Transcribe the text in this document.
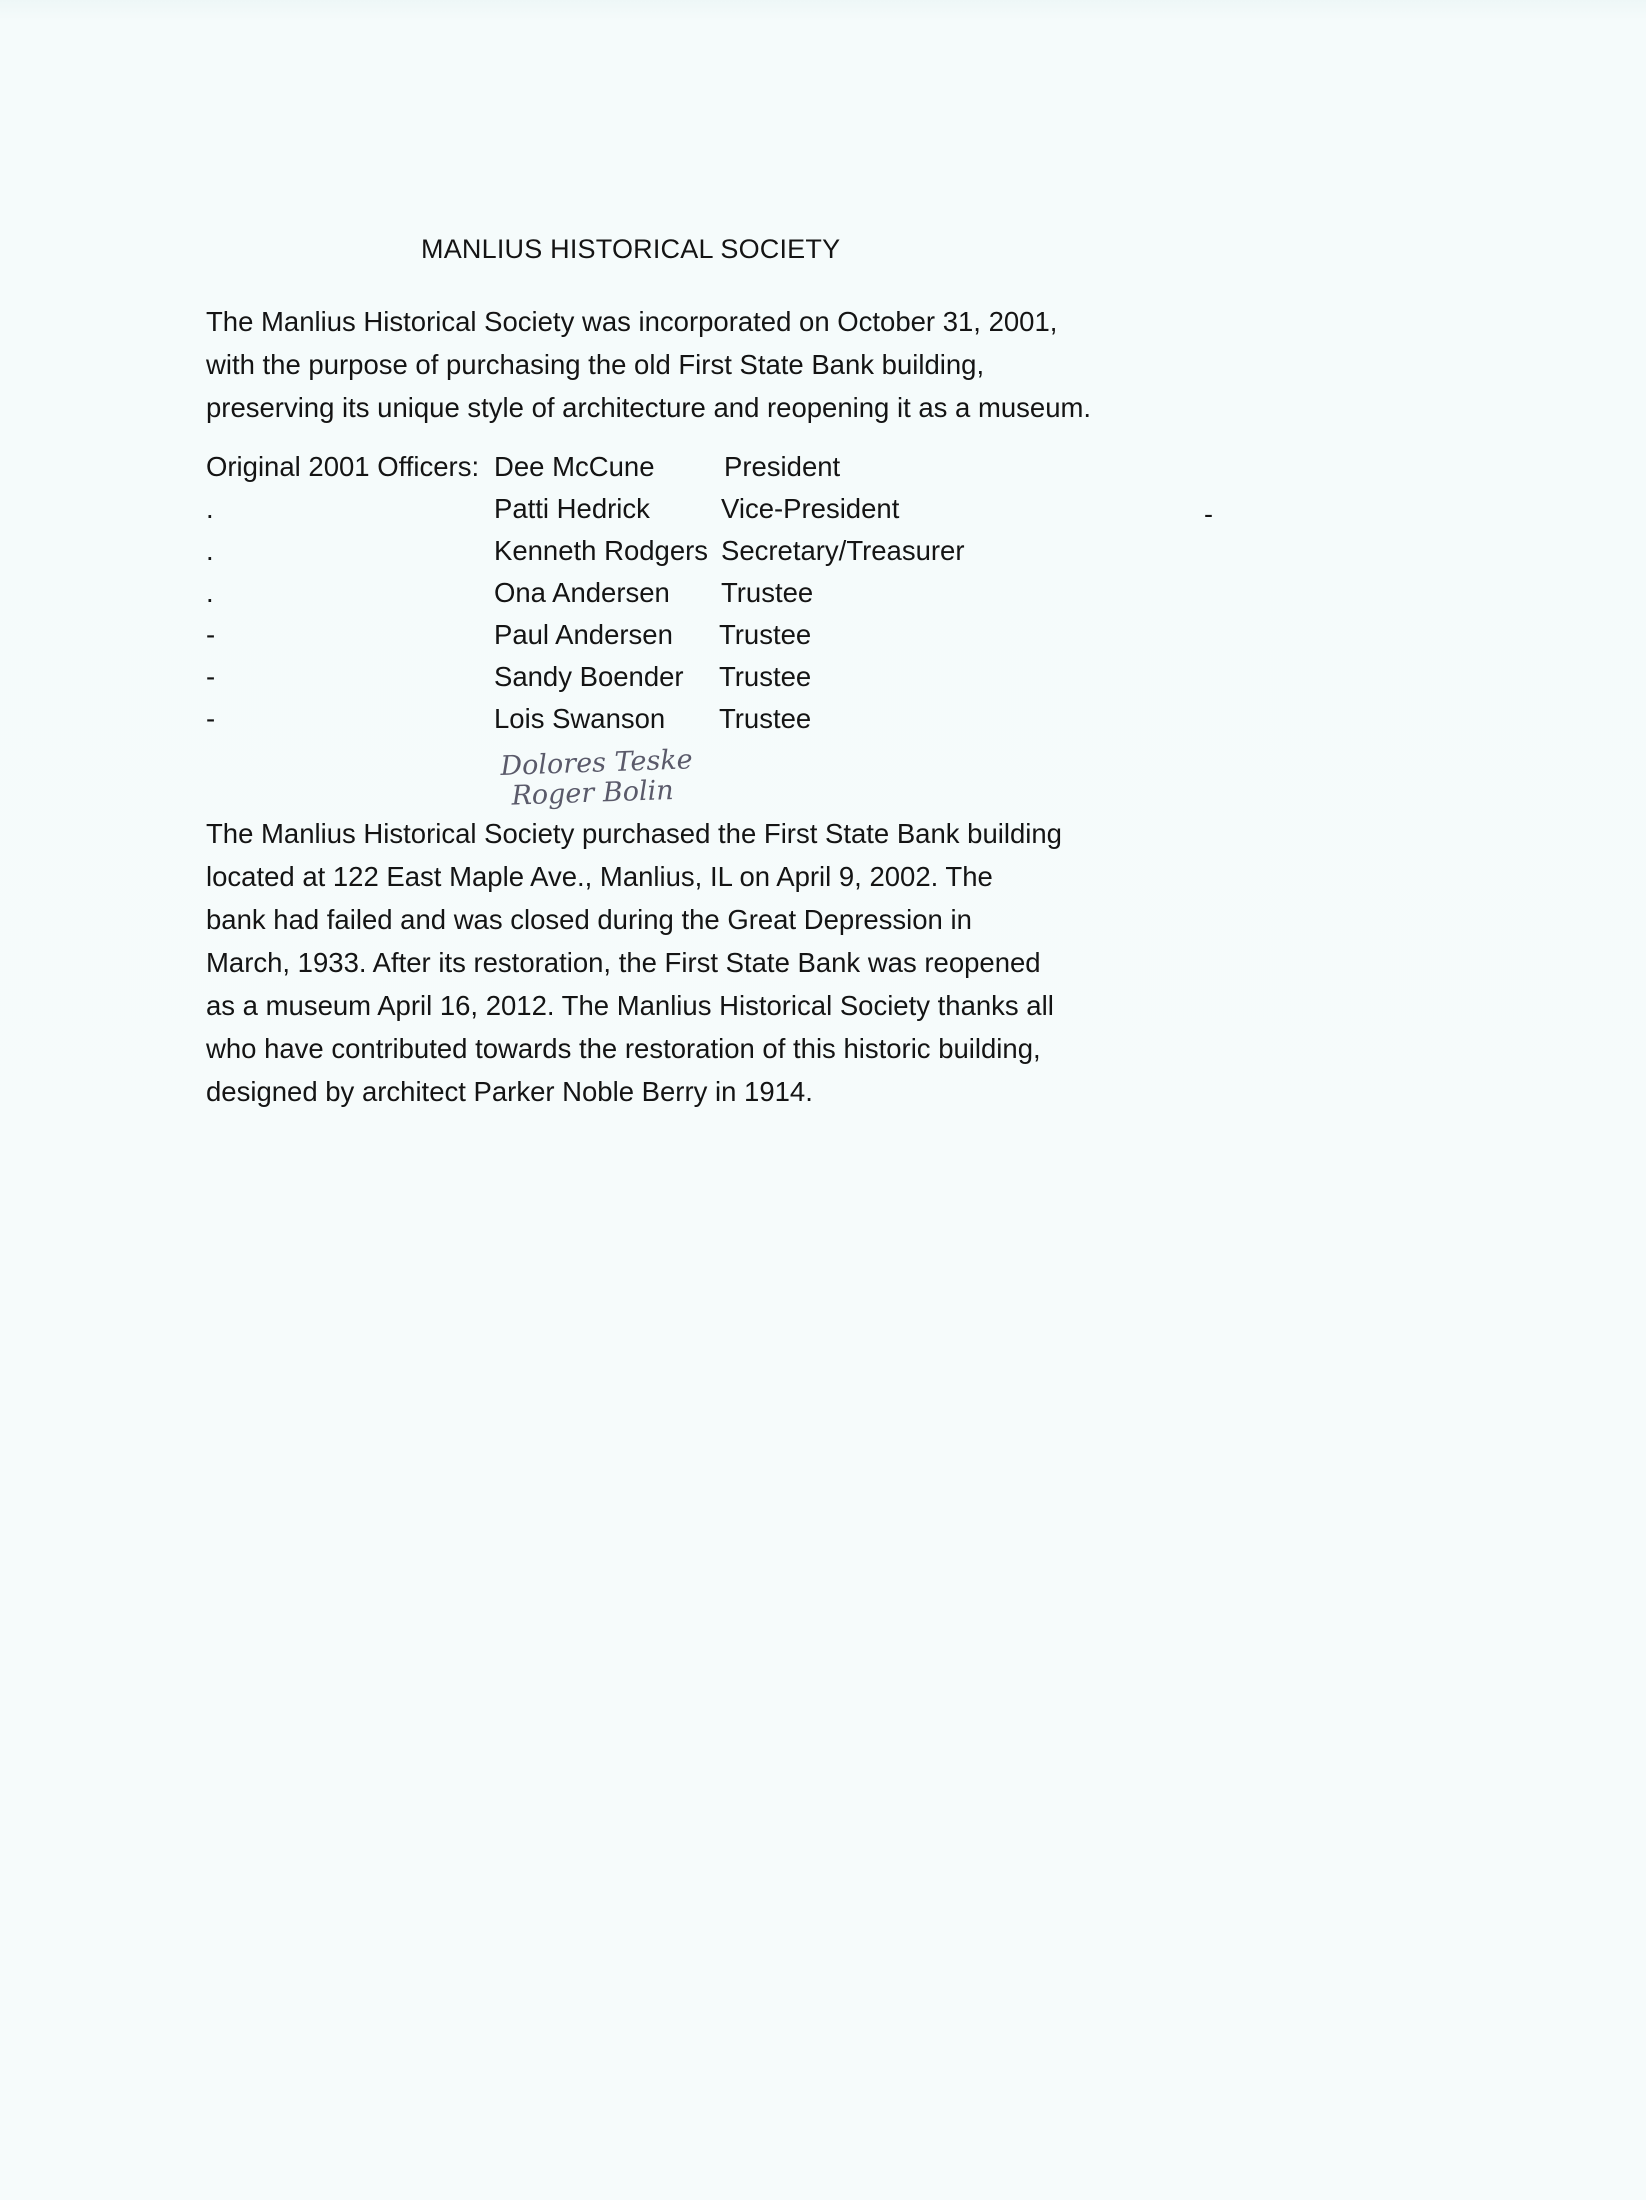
MANLIUS HISTORICAL SOCIETY
The Manlius Historical Society was incorporated on October 31, 2001,
with the purpose of purchasing the old First State Bank building,
preserving its unique style of architecture and reopening it as a museum.
Original 2001 Officers: Dee McCune	President
.	Patti Hedrick	Vice-President
.	Kenneth Rodgers Secretary/Treasurer
.	Ona Andersen Trustee
-	Paul Andersen Trustee
-	Sandy Boender Trustee
-	Lois Swanson Trustee
-
Dolores Teske
Roger Bolin
The Manlius Historical Society purchased the First State Bank building
located at 122 East Maple Ave., Manlius, IL on April 9, 2002. The
bank had failed and was closed during the Great Depression in
March, 1933. After its restoration, the First State Bank was reopened
as a museum April 16, 2012. The Manlius Historical Society thanks all
who have contributed towards the restoration of this historic building,
designed by architect Parker Noble Berry in 1914.
